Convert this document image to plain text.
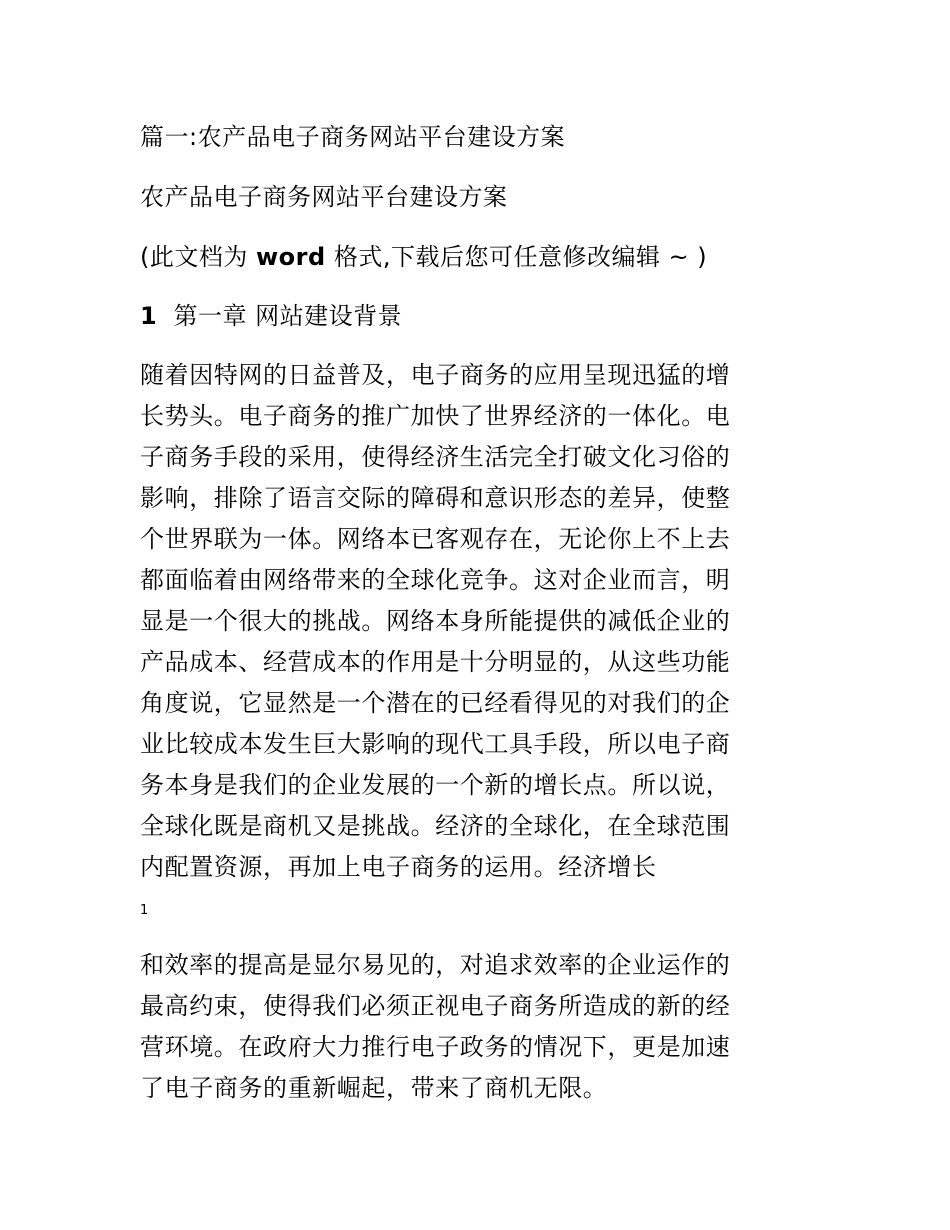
篇一:农产品电子商务网站平台建设方案
农产品电子商务网站平台建设方案
(此文档为 word 格式,下载后您可任意修改编辑 ~ )
1 第一章 网站建设背景
随着因特网的日益普及，电子商务的应用呈现迅猛的增
长势头。电子商务的推广加快了世界经济的一体化。电
子商务手段的采用，使得经济生活完全打破文化习俗的
影响，排除了语言交际的障碍和意识形态的差异，使整
个世界联为一体。网络本已客观存在，无论你上不上去
都面临着由网络带来的全球化竞争。这对企业而言，明
显是一个很大的挑战。网络本身所能提供的减低企业的
产品成本、经营成本的作用是十分明显的，从这些功能
角度说，它显然是一个潜在的已经看得见的对我们的企
业比较成本发生巨大影响的现代工具手段，所以电子商
务本身是我们的企业发展的一个新的增长点。所以说，
全球化既是商机又是挑战。经济的全球化，在全球范围
内配置资源，再加上电子商务的运用。经济增长
1
和效率的提高是显尔易见的，对追求效率的企业运作的
最高约束，使得我们必须正视电子商务所造成的新的经
营环境。在政府大力推行电子政务的情况下，更是加速
了电子商务的重新崛起，带来了商机无限。
